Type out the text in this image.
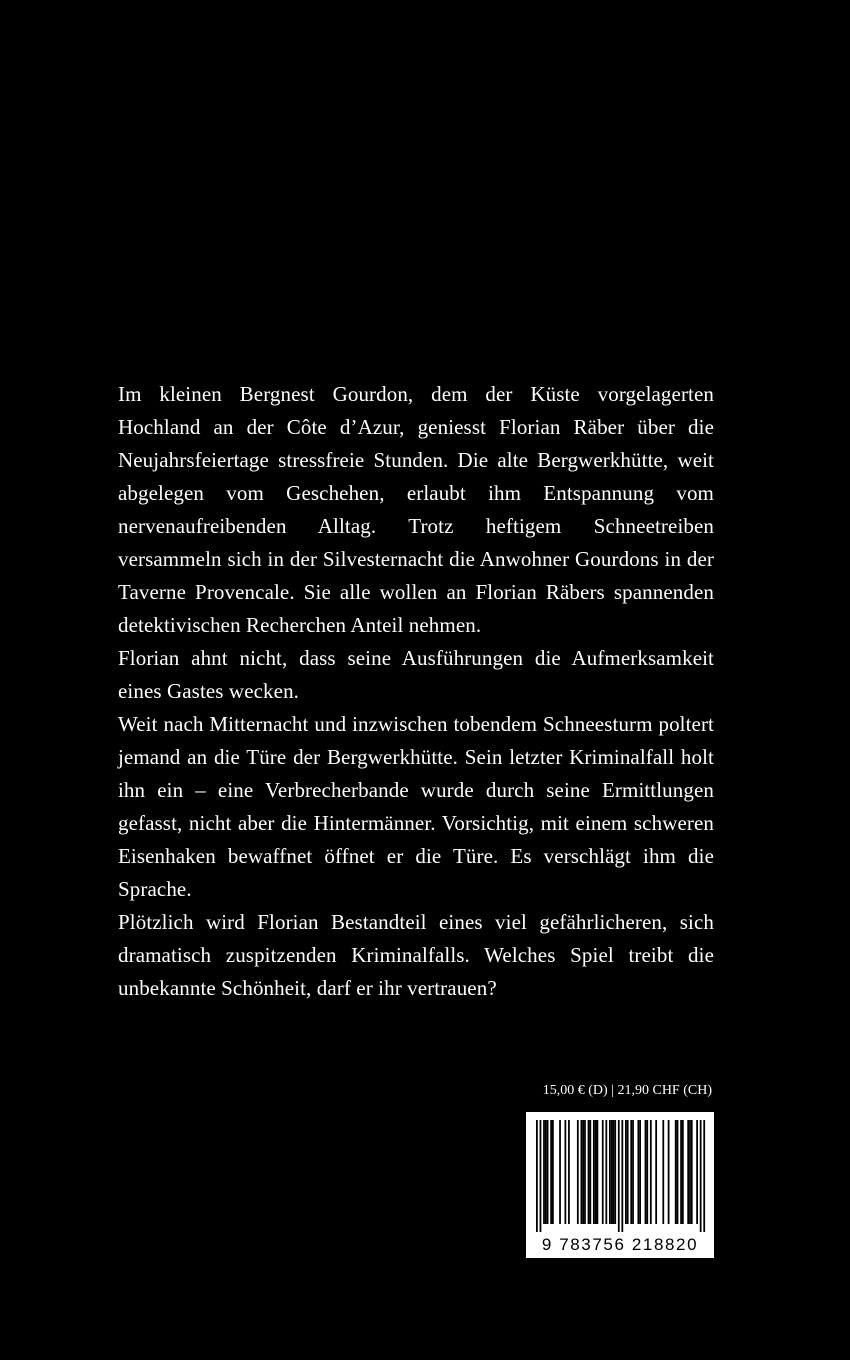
Im kleinen Bergnest Gourdon, dem der Küste vorgelagerten Hochland an der Côte d’Azur, geniesst Florian Räber über die Neujahrsfeiertage stressfreie Stunden. Die alte Bergwerkhütte, weit abgelegen vom Geschehen, erlaubt ihm Entspannung vom nervenaufreibenden Alltag. Trotz heftigem Schneetreiben versammeln sich in der Silvesternacht die Anwohner Gourdons in der Taverne Provencale. Sie alle wollen an Florian Räbers spannenden detektivischen Recherchen Anteil nehmen.

Florian ahnt nicht, dass seine Ausführungen die Aufmerksamkeit eines Gastes wecken.

Weit nach Mitternacht und inzwischen tobendem Schneesturm poltert jemand an die Türe der Bergwerkhütte. Sein letzter Kriminalfall holt ihn ein – eine Verbrecherbande wurde durch seine Ermittlungen gefasst, nicht aber die Hintermänner. Vorsichtig, mit einem schweren Eisenhaken bewaffnet öffnet er die Türe. Es verschlägt ihm die Sprache.

Plötzlich wird Florian Bestandteil eines viel gefährlicheren, sich dramatisch zuspitzenden Kriminalfalls. Welches Spiel treibt die unbekannte Schönheit, darf er ihr vertrauen?

15,00 € (D) | 21,90 CHF (CH)
9 783756 218820
